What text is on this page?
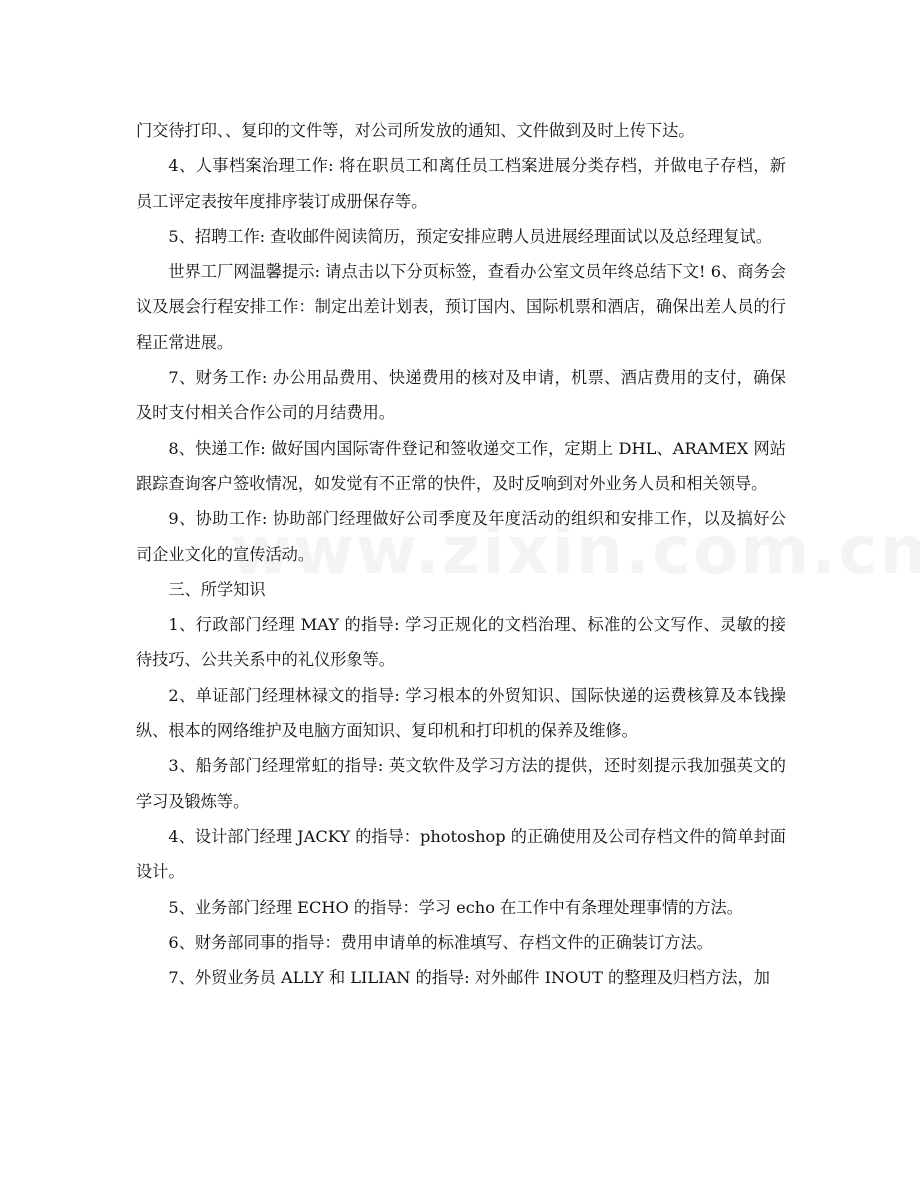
门交待打印、、复印的文件等，对公司所发放的通知、文件做到及时上传下达。

4、人事档案治理工作: 将在职员工和离任员工档案进展分类存档，并做电子存档，新员工评定表按年度排序装订成册保存等。

5、招聘工作: 查收邮件阅读简历，预定安排应聘人员进展经理面试以及总经理复试。

世界工厂网温馨提示: 请点击以下分页标签，查看办公室文员年终总结下文! 6、商务会议及展会行程安排工作：制定出差计划表，预订国内、国际机票和酒店，确保出差人员的行程正常进展。

7、财务工作: 办公用品费用、快递费用的核对及申请，机票、酒店费用的支付，确保及时支付相关合作公司的月结费用。

8、快递工作: 做好国内国际寄件登记和签收递交工作，定期上 DHL、ARAMEX 网站跟踪查询客户签收情况，如发觉有不正常的快件，及时反响到对外业务人员和相关领导。

9、协助工作: 协助部门经理做好公司季度及年度活动的组织和安排工作，以及搞好公司企业文化的宣传活动。

三、所学知识

1、行政部门经理 MAY 的指导: 学习正规化的文档治理、标准的公文写作、灵敏的接待技巧、公共关系中的礼仪形象等。

2、单证部门经理林禄文的指导: 学习根本的外贸知识、国际快递的运费核算及本钱操纵、根本的网络维护及电脑方面知识、复印机和打印机的保养及维修。

3、船务部门经理常虹的指导: 英文软件及学习方法的提供，还时刻提示我加强英文的学习及锻炼等。

4、设计部门经理 JACKY 的指导：photoshop 的正确使用及公司存档文件的简单封面设计。

5、业务部门经理 ECHO 的指导：学习 echo 在工作中有条理处理事情的方法。

6、财务部同事的指导：费用申请单的标准填写、存档文件的正确装订方法。

7、外贸业务员 ALLY 和 LILIAN 的指导: 对外邮件 INOUT 的整理及归档方法，加
